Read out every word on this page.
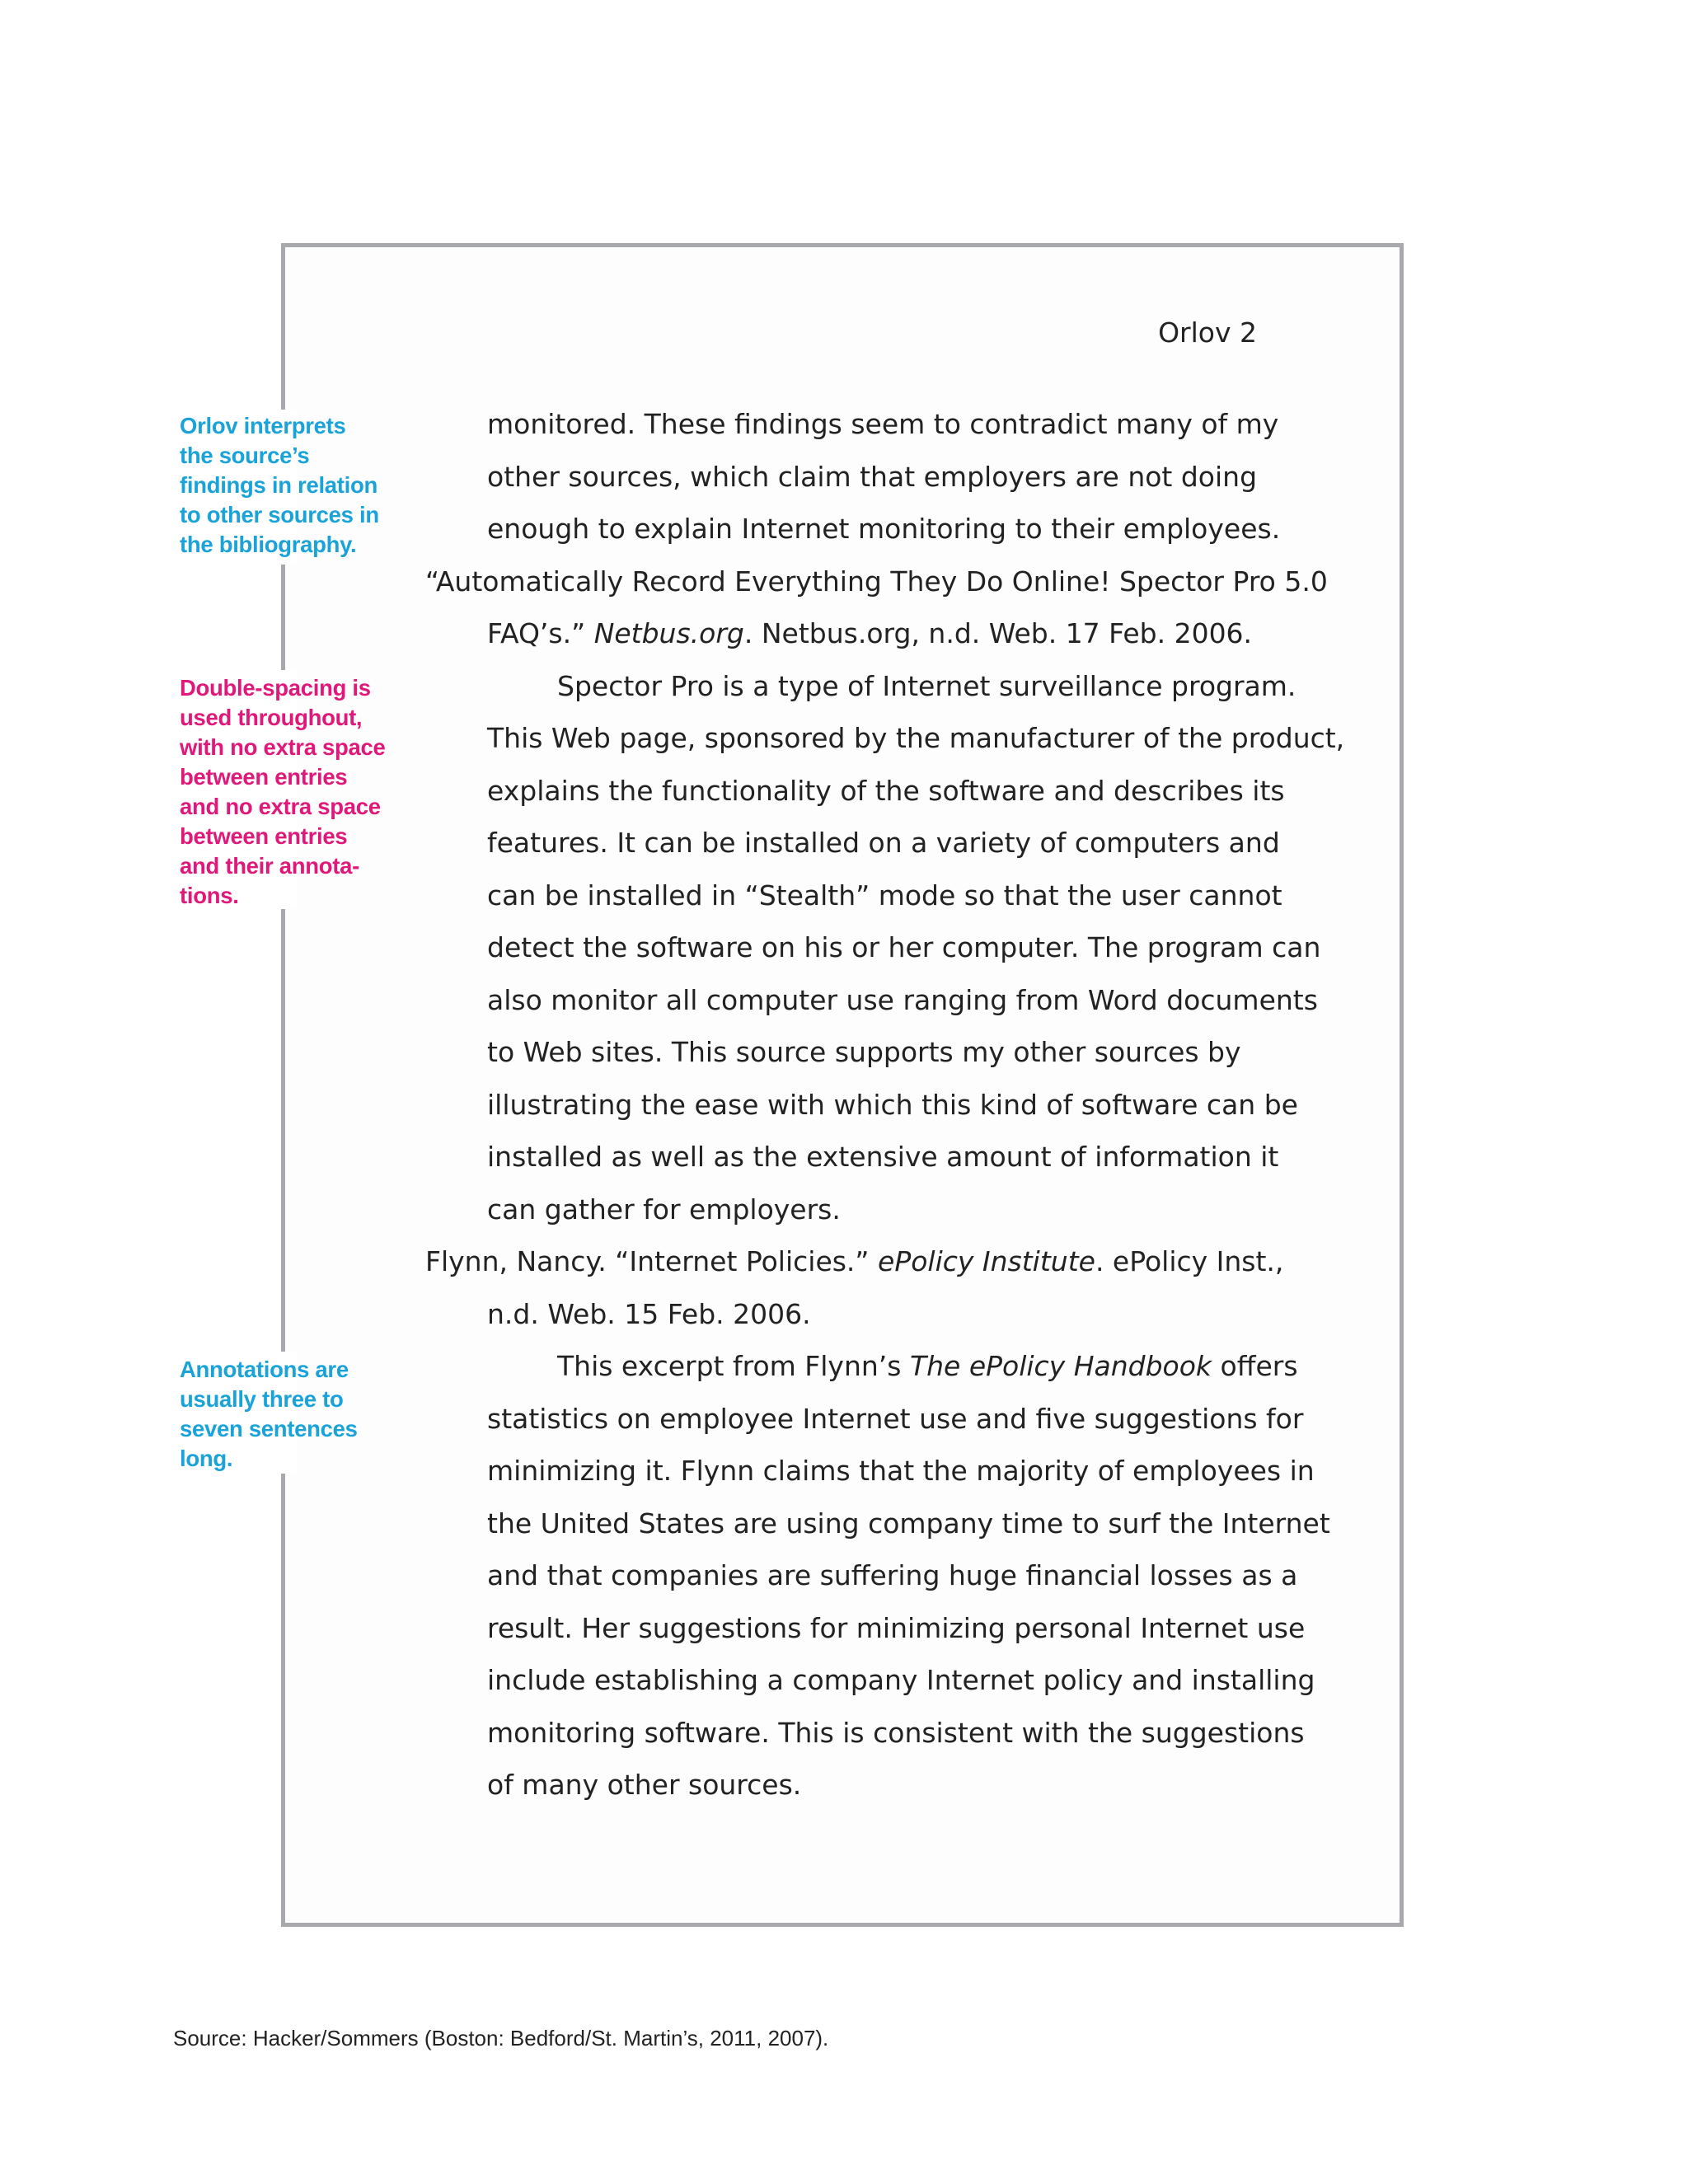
Orlov 2
monitored. These findings seem to contradict many of my
other sources, which claim that employers are not doing
enough to explain Internet monitoring to their employees.
“Automatically Record Everything They Do Online! Spector Pro 5.0
FAQ’s.” Netbus.org. Netbus.org, n.d. Web. 17 Feb. 2006.
Spector Pro is a type of Internet surveillance program.
This Web page, sponsored by the manufacturer of the product,
explains the functionality of the software and describes its
features. It can be installed on a variety of computers and
can be installed in “Stealth” mode so that the user cannot
detect the software on his or her computer. The program can
also monitor all computer use ranging from Word documents
to Web sites. This source supports my other sources by
illustrating the ease with which this kind of software can be
installed as well as the extensive amount of information it
can gather for employers.
Flynn, Nancy. “Internet Policies.” ePolicy Institute. ePolicy Inst.,
n.d. Web. 15 Feb. 2006.
This excerpt from Flynn’s The ePolicy Handbook offers
statistics on employee Internet use and five suggestions for
minimizing it. Flynn claims that the majority of employees in
the United States are using company time to surf the Internet
and that companies are suffering huge financial losses as a
result. Her suggestions for minimizing personal Internet use
include establishing a company Internet policy and installing
monitoring software. This is consistent with the suggestions
of many other sources.
Orlov interprets
the source’s
findings in relation
to other sources in
the bibliography.
Double-spacing is
used throughout,
with no extra space
between entries
and no extra space
between entries
and their annota-
tions.
Annotations are
usually three to
seven sentences
long.
Source: Hacker/Sommers (Boston: Bedford/St. Martin’s, 2011, 2007).
